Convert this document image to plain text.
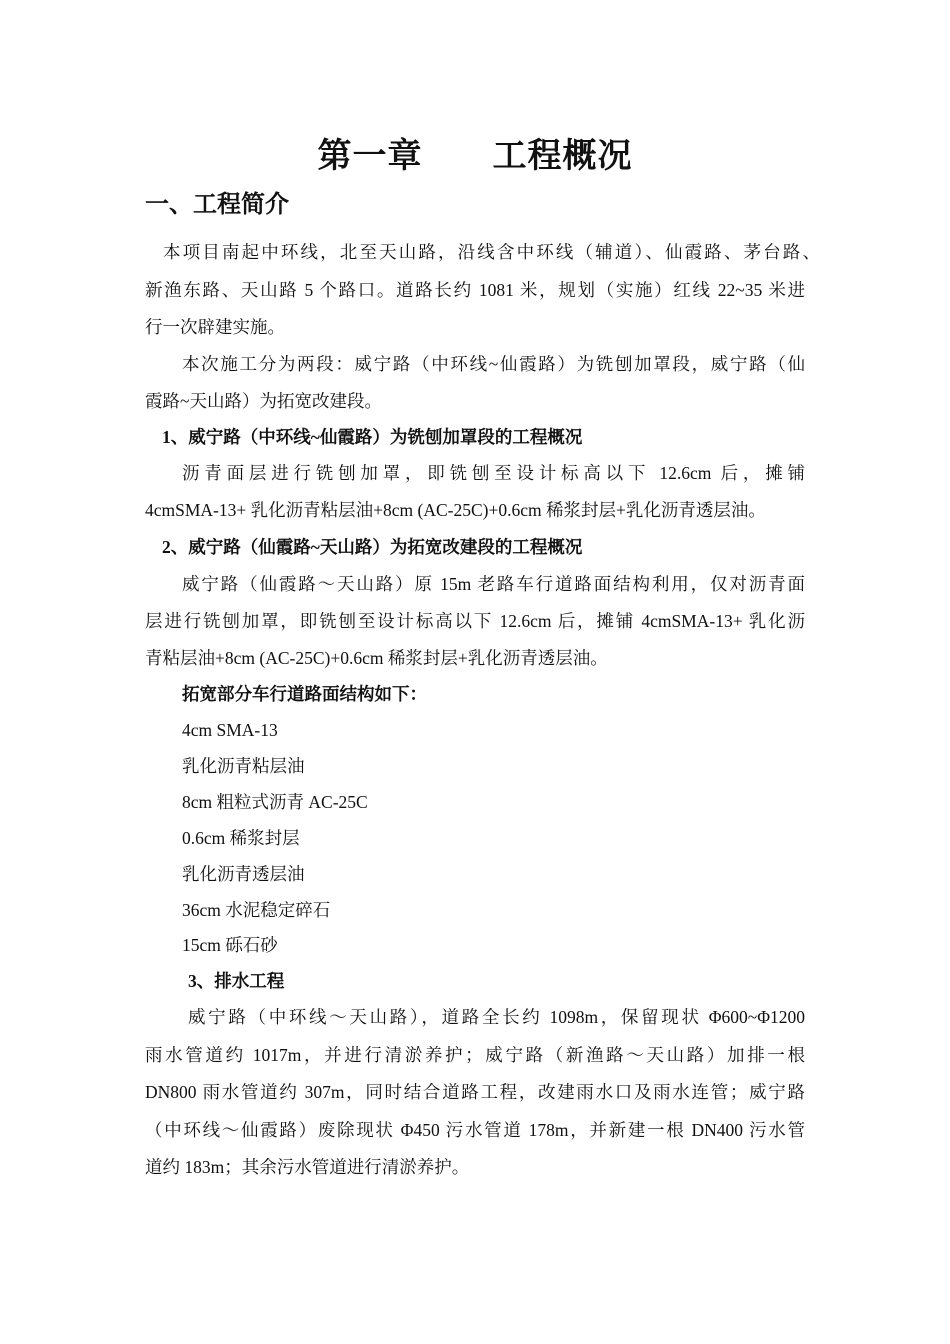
第一章 工程概况
一、工程简介
本项目南起中环线，北至天山路，沿线含中环线（辅道）、仙霞路、茅台路、
新渔东路、天山路 5 个路口。道路长约 1081 米，规划（实施）红线 22~35 米进
行一次辟建实施。
本次施工分为两段：威宁路（中环线~仙霞路）为铣刨加罩段，威宁路（仙
霞路~天山路）为拓宽改建段。
1、威宁路（中环线~仙霞路）为铣刨加罩段的工程概况
沥青面层进行铣刨加罩，即铣刨至设计标高以下 12.6cm 后，摊铺
4cmSMA-13+ 乳化沥青粘层油+8cm (AC-25C)+0.6cm 稀浆封层+乳化沥青透层油。
2、威宁路（仙霞路~天山路）为拓宽改建段的工程概况
威宁路（仙霞路～天山路）原 15m 老路车行道路面结构利用，仅对沥青面
层进行铣刨加罩，即铣刨至设计标高以下 12.6cm 后，摊铺 4cmSMA-13+ 乳化沥
青粘层油+8cm (AC-25C)+0.6cm 稀浆封层+乳化沥青透层油。
拓宽部分车行道路面结构如下：
4cm SMA-13
乳化沥青粘层油
8cm 粗粒式沥青 AC-25C
0.6cm 稀浆封层
乳化沥青透层油
36cm 水泥稳定碎石
15cm 砾石砂
3、排水工程
威宁路（中环线～天山路），道路全长约 1098m，保留现状 Φ600~Φ1200
雨水管道约 1017m，并进行清淤养护；威宁路（新渔路～天山路）加排一根
DN800 雨水管道约 307m，同时结合道路工程，改建雨水口及雨水连管；威宁路
（中环线～仙霞路）废除现状 Φ450 污水管道 178m，并新建一根 DN400 污水管
道约 183m；其余污水管道进行清淤养护。
